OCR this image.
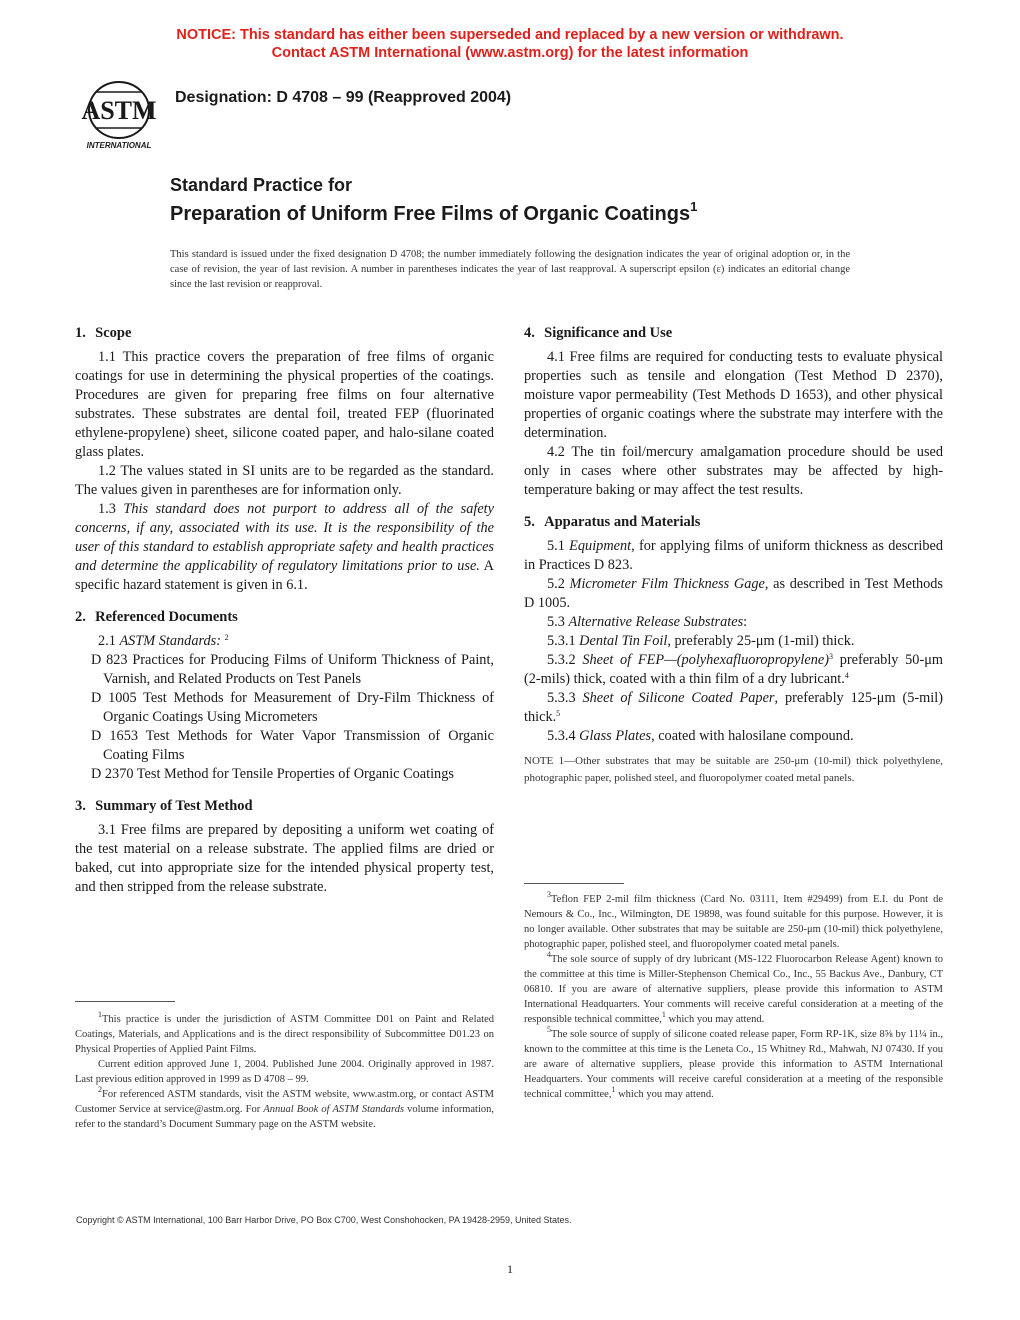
NOTICE: This standard has either been superseded and replaced by a new version or withdrawn.
Contact ASTM International (www.astm.org) for the latest information
ASTM
INTERNATIONAL
Designation: D 4708 – 99 (Reapproved 2004)
Standard Practice for
Preparation of Uniform Free Films of Organic Coatings$^1$
This standard is issued under the fixed designation D 4708; the number immediately following the designation indicates the year of original adoption or, in the case of revision, the year of last revision. A number in parentheses indicates the year of last reapproval. A superscript epsilon (ε) indicates an editorial change since the last revision or reapproval.

1. Scope

1.1 This practice covers the preparation of free films of organic coatings for use in determining the physical properties of the coatings. Procedures are given for preparing free films on four alternative substrates. These substrates are dental foil, treated FEP (fluorinated ethylene-propylene) sheet, silicone coated paper, and halo-silane coated glass plates.

1.2 The values stated in SI units are to be regarded as the standard. The values given in parentheses are for information only.

1.3 This standard does not purport to address all of the safety concerns, if any, associated with its use. It is the responsibility of the user of this standard to establish appropriate safety and health practices and determine the applicability of regulatory limitations prior to use. A specific hazard statement is given in 6.1.

2. Referenced Documents

2.1 ASTM Standards: $^2$

D 823 Practices for Producing Films of Uniform Thickness of Paint, Varnish, and Related Products on Test Panels

D 1005 Test Methods for Measurement of Dry-Film Thickness of Organic Coatings Using Micrometers

D 1653 Test Methods for Water Vapor Transmission of Organic Coating Films

D 2370 Test Method for Tensile Properties of Organic Coatings

3. Summary of Test Method

3.1 Free films are prepared by depositing a uniform wet coating of the test material on a release substrate. The applied films are dried or baked, cut into appropriate size for the intended physical property test, and then stripped from the release substrate.

$^1$This practice is under the jurisdiction of ASTM Committee D01 on Paint and Related Coatings, Materials, and Applications and is the direct responsibility of Subcommittee D01.23 on Physical Properties of Applied Paint Films.

Current edition approved June 1, 2004. Published June 2004. Originally approved in 1987. Last previous edition approved in 1999 as D 4708 – 99.

$^2$For referenced ASTM standards, visit the ASTM website, www.astm.org, or contact ASTM Customer Service at service@astm.org. For Annual Book of ASTM Standards volume information, refer to the standard’s Document Summary page on the ASTM website.

4. Significance and Use

4.1 Free films are required for conducting tests to evaluate physical properties such as tensile and elongation (Test Method D 2370), moisture vapor permeability (Test Methods D 1653), and other physical properties of organic coatings where the substrate may interfere with the determination.

4.2 The tin foil/mercury amalgamation procedure should be used only in cases where other substrates may be affected by high-temperature baking or may affect the test results.

5. Apparatus and Materials

5.1 Equipment, for applying films of uniform thickness as described in Practices D 823.

5.2 Micrometer Film Thickness Gage, as described in Test Methods D 1005.

5.3 Alternative Release Substrates:

5.3.1 Dental Tin Foil, preferably 25-μm (1-mil) thick.

5.3.2 Sheet of FEP—(polyhexafluoropropylene)$^3$ preferably 50-μm (2-mils) thick, coated with a thin film of a dry lubricant.$^4$

5.3.3 Sheet of Silicone Coated Paper, preferably 125-μm (5-mil) thick.$^5$

5.3.4 Glass Plates, coated with halosilane compound.

NOTE 1—Other substrates that may be suitable are 250-μm (10-mil) thick polyethylene, photographic paper, polished steel, and fluoropolymer coated metal panels.

$^3$Teflon FEP 2-mil film thickness (Card No. 03111, Item #29499) from E.I. du Pont de Nemours & Co., Inc., Wilmington, DE 19898, was found suitable for this purpose. However, it is no longer available. Other substrates that may be suitable are 250-μm (10-mil) thick polyethylene, photographic paper, polished steel, and fluoropolymer coated metal panels.

$^4$The sole source of supply of dry lubricant (MS-122 Fluorocarbon Release Agent) known to the committee at this time is Miller-Stephenson Chemical Co., Inc., 55 Backus Ave., Danbury, CT 06810. If you are aware of alternative suppliers, please provide this information to ASTM International Headquarters. Your comments will receive careful consideration at a meeting of the responsible technical committee,$^1$ which you may attend.

$^5$The sole source of supply of silicone coated release paper, Form RP-1K, size 8⅝ by 11¼ in., known to the committee at this time is the Leneta Co., 15 Whitney Rd., Mahwah, NJ 07430. If you are aware of alternative suppliers, please provide this information to ASTM International Headquarters. Your comments will receive careful consideration at a meeting of the responsible technical committee,$^1$ which you may attend.

Copyright © ASTM International, 100 Barr Harbor Drive, PO Box C700, West Conshohocken, PA 19428-2959, United States.
1
